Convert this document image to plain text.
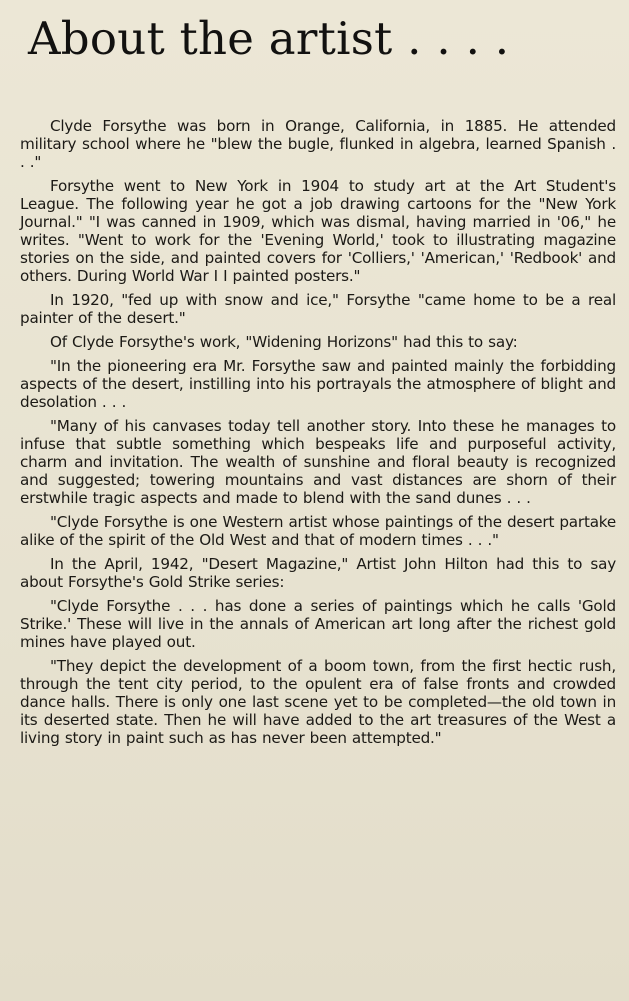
About the artist . . . .

Clyde Forsythe was born in Orange, California, in 1885. He attended military school where he "blew the bugle, flunked in algebra, learned Spanish . . ."

Forsythe went to New York in 1904 to study art at the Art Student's League. The following year he got a job drawing cartoons for the "New York Journal." "I was canned in 1909, which was dismal, having married in '06," he writes. "Went to work for the 'Evening World,' took to illustrating magazine stories on the side, and painted covers for 'Colliers,' 'American,' 'Redbook' and others. During World War I I painted posters."

In 1920, "fed up with snow and ice," Forsythe "came home to be a real painter of the desert."

Of Clyde Forsythe's work, "Widening Horizons" had this to say:

"In the pioneering era Mr. Forsythe saw and painted mainly the forbidding aspects of the desert, instilling into his portrayals the atmosphere of blight and desolation . . .

"Many of his canvases today tell another story. Into these he manages to infuse that subtle something which bespeaks life and purposeful activity, charm and invitation. The wealth of sunshine and floral beauty is recognized and suggested; towering mountains and vast distances are shorn of their erstwhile tragic aspects and made to blend with the sand dunes . . .

"Clyde Forsythe is one Western artist whose paintings of the desert partake alike of the spirit of the Old West and that of modern times . . ."

In the April, 1942, "Desert Magazine," Artist John Hilton had this to say about Forsythe's Gold Strike series:

"Clyde Forsythe . . . has done a series of paintings which he calls 'Gold Strike.' These will live in the annals of American art long after the richest gold mines have played out.

"They depict the development of a boom town, from the first hectic rush, through the tent city period, to the opulent era of false fronts and crowded dance halls. There is only one last scene yet to be completed—the old town in its deserted state. Then he will have added to the art treasures of the West a living story in paint such as has never been attempted."
